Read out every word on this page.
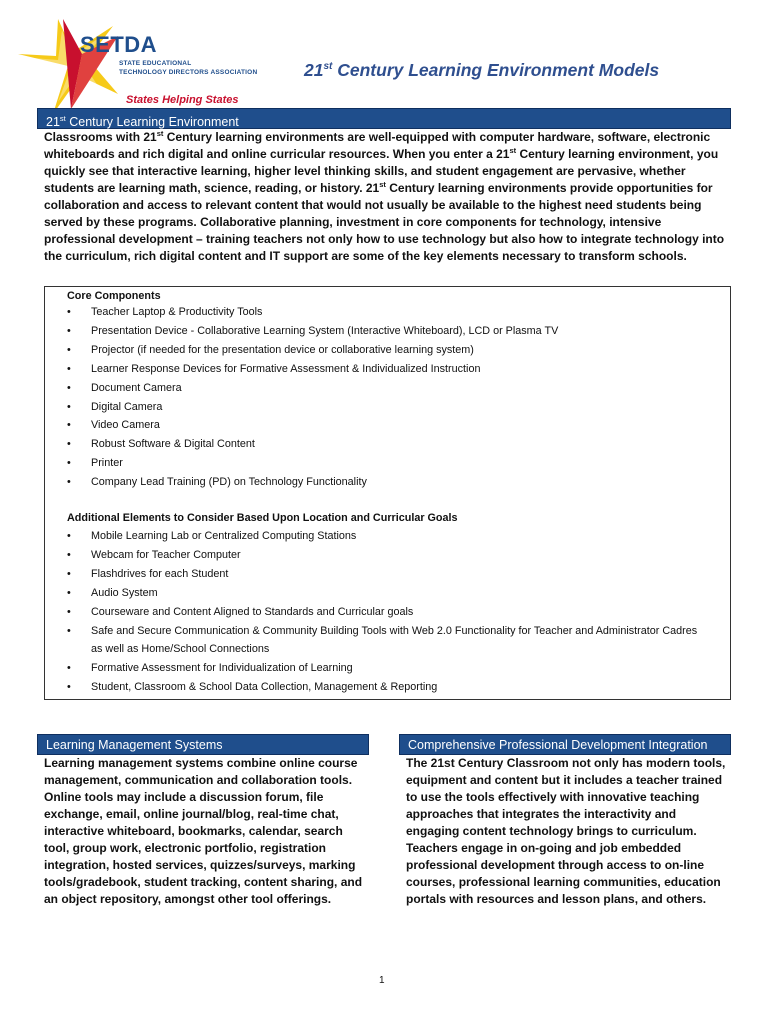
SETDA
STATE EDUCATIONAL
TECHNOLOGY DIRECTORS ASSOCIATION
States Helping States
21st Century Learning Environment Models
21st Century Learning Environment
Classrooms with 21st Century learning environments are well-equipped with computer hardware, software, electronic whiteboards and rich digital and online curricular resources. When you enter a 21st Century learning environment, you quickly see that interactive learning, higher level thinking skills, and student engagement are pervasive, whether students are learning math, science, reading, or history. 21st Century learning environments provide opportunities for collaboration and access to relevant content that would not usually be available to the highest need students being served by these programs. Collaborative planning, investment in core components for technology, intensive professional development – training teachers not only how to use technology but also how to integrate technology into the curriculum, rich digital content and IT support are some of the key elements necessary to transform schools.
Core Components
• Teacher Laptop & Productivity Tools
• Presentation Device - Collaborative Learning System (Interactive Whiteboard), LCD or Plasma TV
• Projector (if needed for the presentation device or collaborative learning system)
• Learner Response Devices for Formative Assessment & Individualized Instruction
• Document Camera
• Digital Camera
• Video Camera
• Robust Software & Digital Content
• Printer
• Company Lead Training (PD) on Technology Functionality
Additional Elements to Consider Based Upon Location and Curricular Goals
• Mobile Learning Lab or Centralized Computing Stations
• Webcam for Teacher Computer
• Flashdrives for each Student
• Audio System
• Courseware and Content Aligned to Standards and Curricular goals
• Safe and Secure Communication & Community Building Tools with Web 2.0 Functionality for Teacher and Administrator Cadres as well as Home/School Connections
• Formative Assessment for Individualization of Learning
• Student, Classroom & School Data Collection, Management & Reporting
Learning Management Systems
Learning management systems combine online course management, communication and collaboration tools. Online tools may include a discussion forum, file exchange, email, online journal/blog, real-time chat, interactive whiteboard, bookmarks, calendar, search tool, group work, electronic portfolio, registration integration, hosted services, quizzes/surveys, marking tools/gradebook, student tracking, content sharing, and an object repository, amongst other tool offerings.
Comprehensive Professional Development Integration
The 21st Century Classroom not only has modern tools, equipment and content but it includes a teacher trained to use the tools effectively with innovative teaching approaches that integrates the interactivity and engaging content technology brings to curriculum. Teachers engage in on-going and job embedded professional development through access to on-line courses, professional learning communities, education portals with resources and lesson plans, and others.
1
